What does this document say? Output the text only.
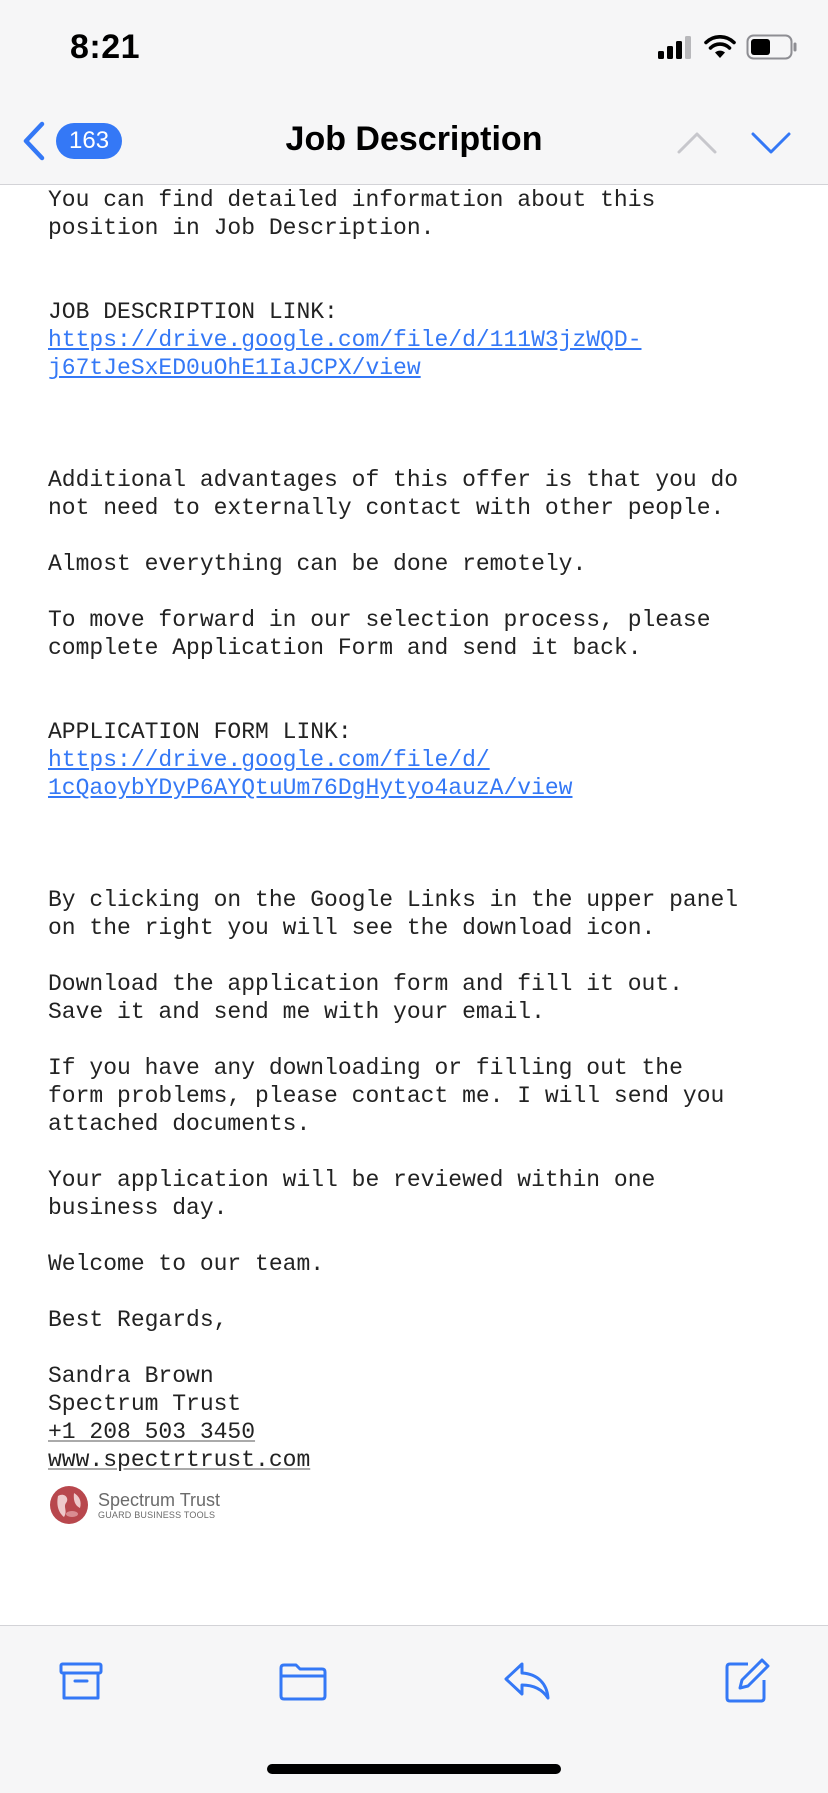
8:21
163	Job Description

You can find detailed information about this
position in Job Description.

JOB DESCRIPTION LINK:

https://drive.google.com/file/d/111W3jzWQD-
j67tJeSxED0uOhE1IaJCPX/view

Additional advantages of this offer is that you do
not need to externally contact with other people.

Almost everything can be done remotely.

To move forward in our selection process, please
complete Application Form and send it back.

APPLICATION FORM LINK:

https://drive.google.com/file/d/
1cQaoybYDyP6AYQtuUm76DgHytyo4auzA/view

By clicking on the Google Links in the upper panel
on the right you will see the download icon.

Download the application form and fill it out.
Save it and send me with your email.

If you have any downloading or filling out the
form problems, please contact me. I will send you
attached documents.

Your application will be reviewed within one
business day.

Welcome to our team.

Best Regards,

Sandra Brown

Spectrum Trust

+1 208 503 3450

www.spectrtrust.com

Spectrum Trust
GUARD BUSINESS TOOLS
